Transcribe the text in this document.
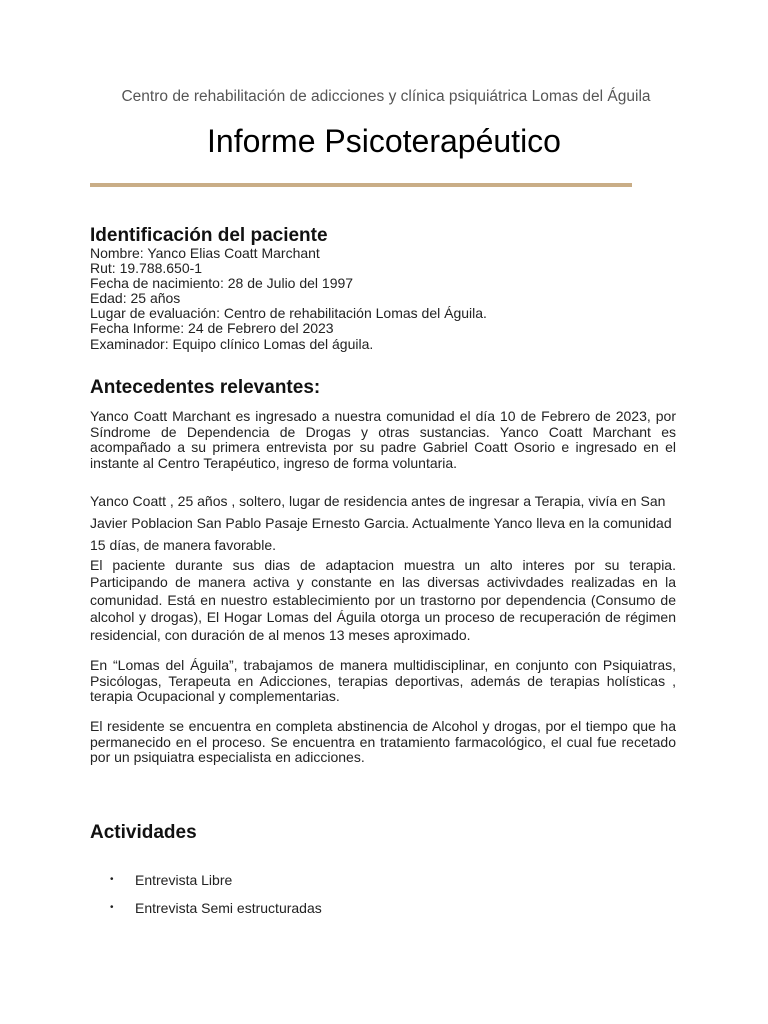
Centro de rehabilitación de adicciones y clínica psiquiátrica Lomas del Águila
Informe Psicoterapéutico
Identificación del paciente
Nombre: Yanco Elias Coatt Marchant
Rut: 19.788.650-1
Fecha de nacimiento: 28 de Julio del 1997
Edad: 25 años
Lugar de evaluación: Centro de rehabilitación Lomas del Águila.
Fecha Informe: 24 de Febrero del 2023
Examinador: Equipo clínico Lomas del águila.
Antecedentes relevantes:

Yanco Coatt Marchant es ingresado a nuestra comunidad el día 10 de Febrero de 2023, por Síndrome de Dependencia de Drogas y otras sustancias. Yanco Coatt Marchant es acompañado a su primera entrevista por su padre Gabriel Coatt Osorio e ingresado en el instante al Centro Terapéutico, ingreso de forma voluntaria.

Yanco Coatt , 25 años , soltero, lugar de residencia antes de ingresar a Terapia, vivía en San Javier Poblacion San Pablo Pasaje Ernesto Garcia. Actualmente Yanco lleva en la comunidad 15 días, de manera favorable.

El paciente durante sus dias de adaptacion muestra un alto interes por su terapia. Participando de manera activa y constante en las diversas activivdades realizadas en la comunidad. Está en nuestro establecimiento por un trastorno por dependencia (Consumo de alcohol y drogas), El Hogar Lomas del Águila otorga un proceso de recuperación de régimen residencial, con duración de al menos 13 meses aproximado.

En “Lomas del Águila”, trabajamos de manera multidisciplinar, en conjunto con Psiquiatras, Psicólogas, Terapeuta en Adicciones, terapias deportivas, además de terapias holísticas , terapia Ocupacional y complementarias.

El residente se encuentra en completa abstinencia de Alcohol y drogas, por el tiempo que ha permanecido en el proceso. Se encuentra en tratamiento farmacológico, el cual fue recetado por un psiquiatra especialista en adicciones.

Actividades
• Entrevista Libre
• Entrevista Semi estructuradas
